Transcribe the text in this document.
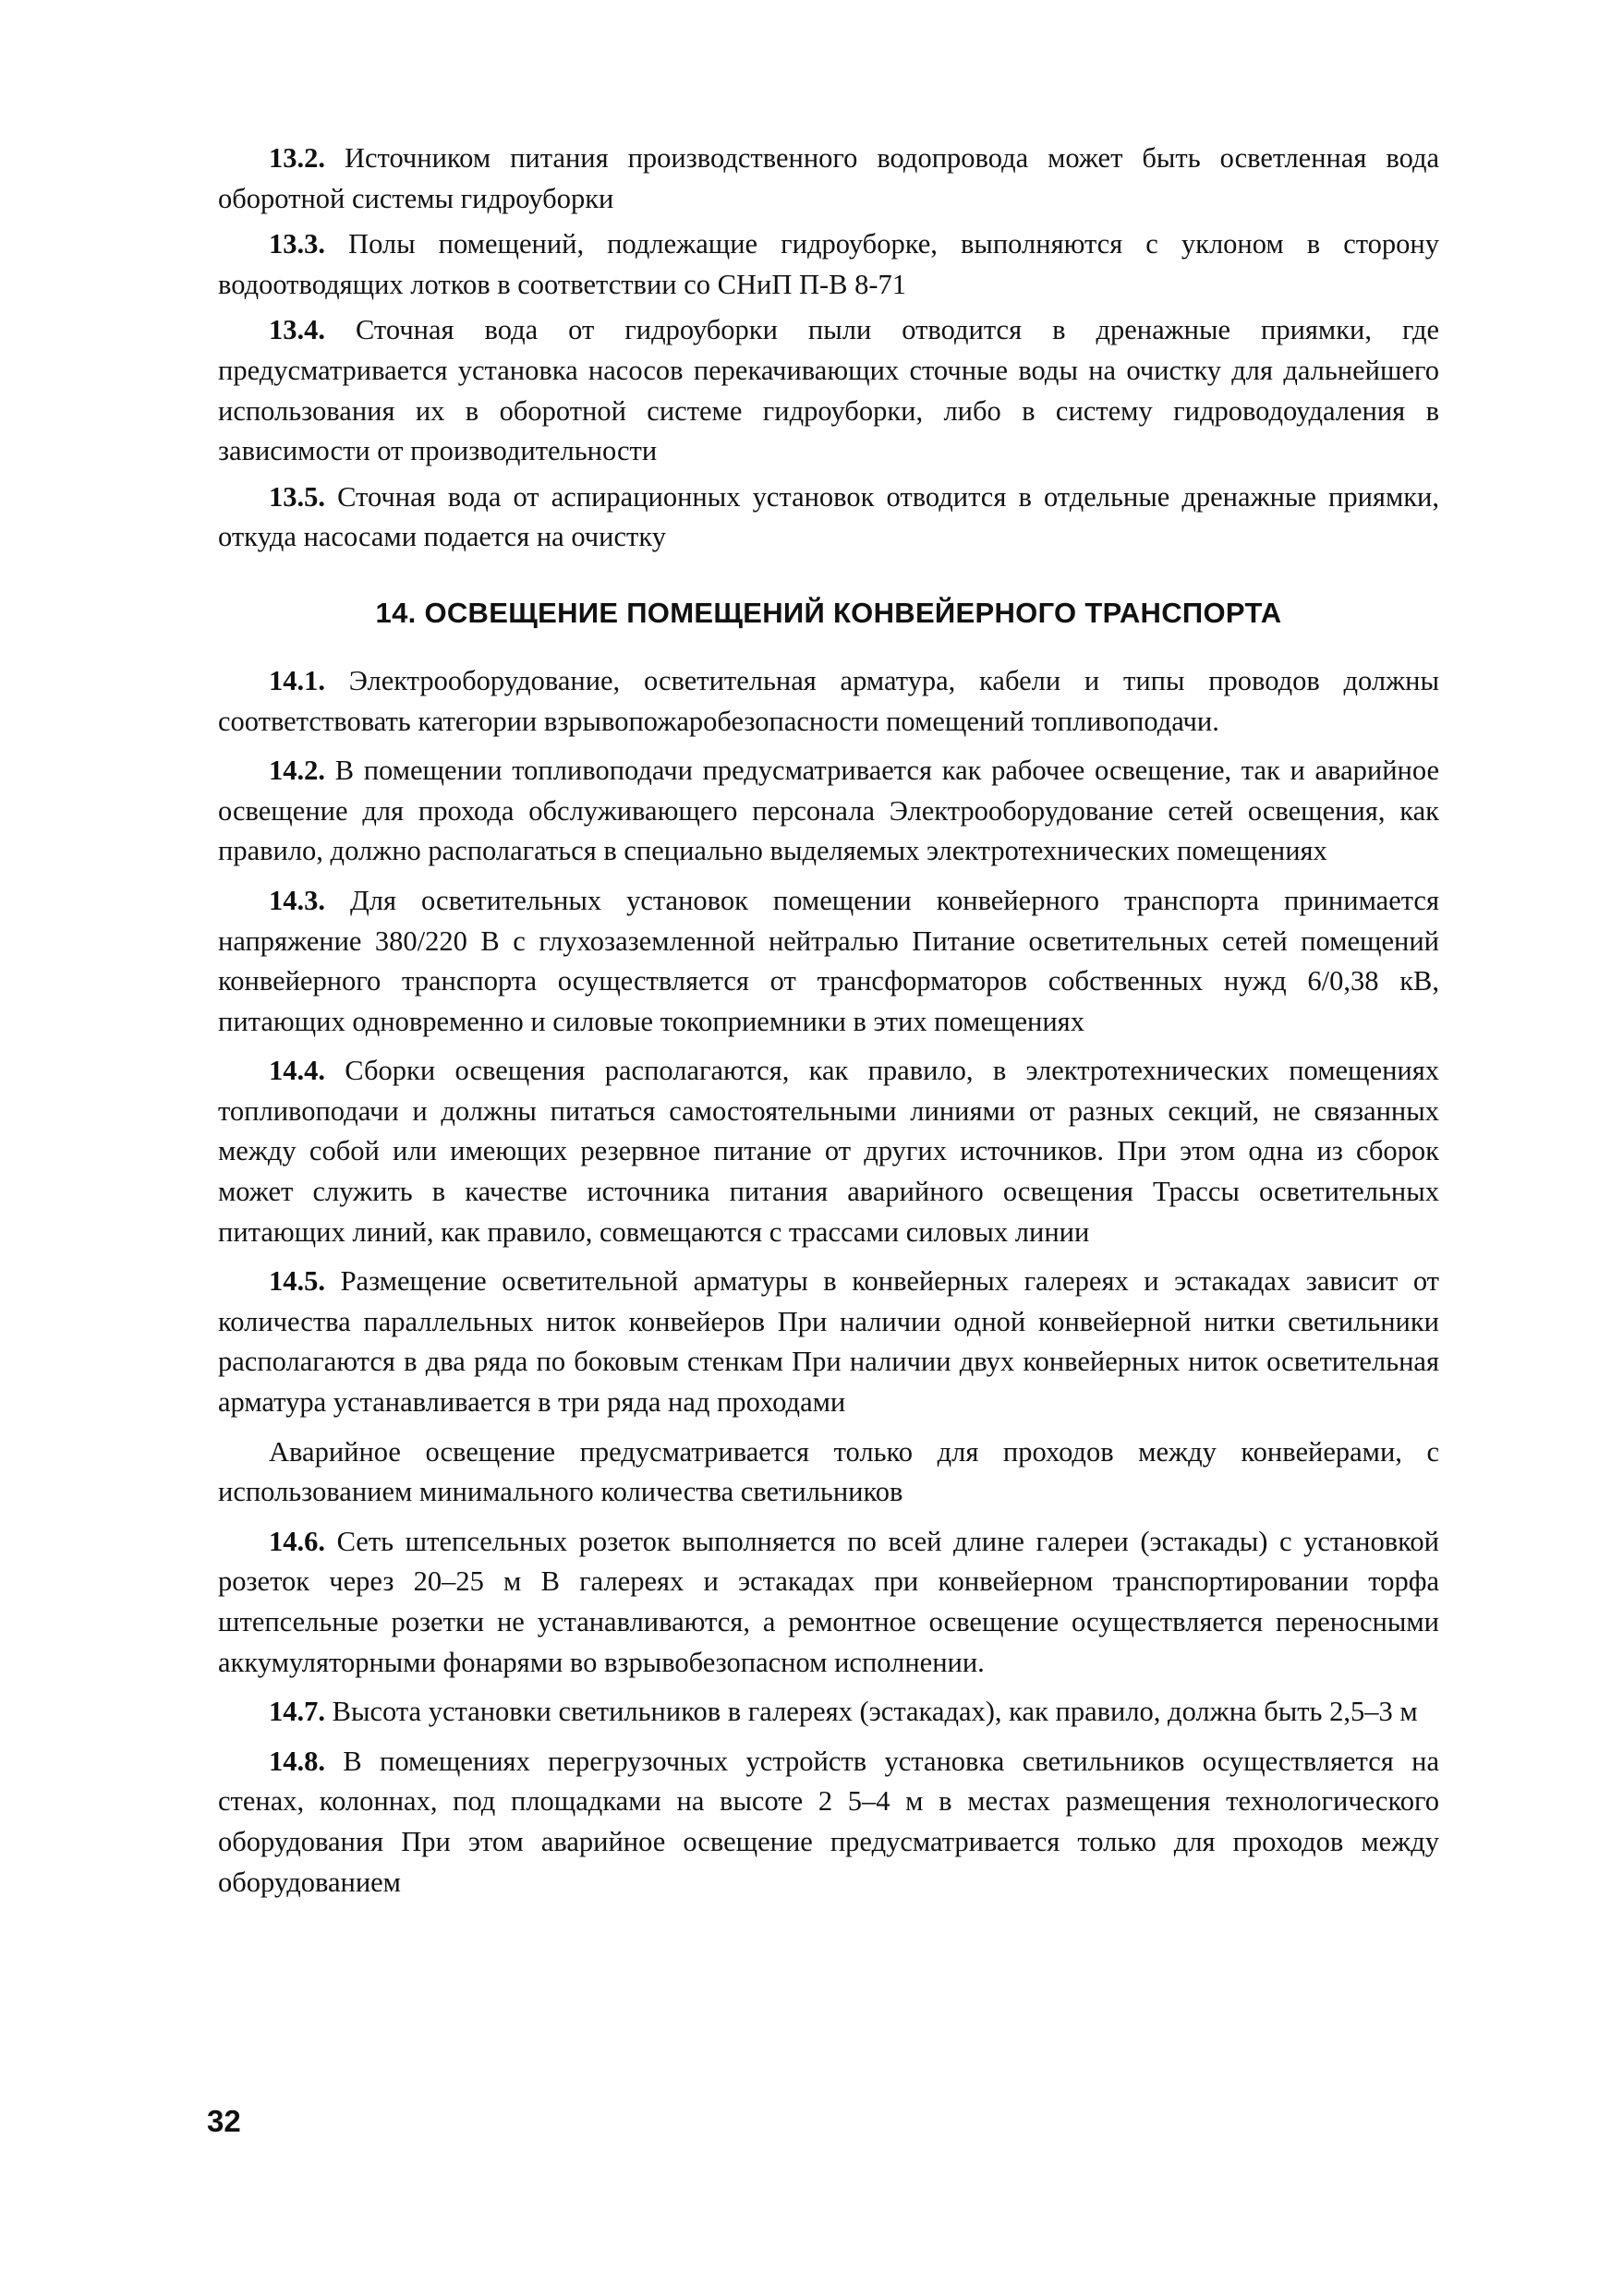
13.2. Источником питания производственного водопровода может быть осветленная вода оборотной системы гидроуборки

13.3. Полы помещений, подлежащие гидроуборке, выполняются с уклоном в сторону водоотводящих лотков в соответствии со СНиП П-В 8-71

13.4. Сточная вода от гидроуборки пыли отводится в дренажные приямки, где предусматривается установка насосов перекачивающих сточные воды на очистку для дальнейшего использования их в оборотной системе гидроуборки, либо в систему гидроводоудаления в зависимости от производительности

13.5. Сточная вода от аспирационных установок отводится в отдельные дренажные приямки, откуда насосами подается на очистку

14. ОСВЕЩЕНИЕ ПОМЕЩЕНИЙ КОНВЕЙЕРНОГО ТРАНСПОРТА

14.1. Электрооборудование, осветительная арматура, кабели и типы проводов должны соответствовать категории взрывопожаробезопасности помещений топливоподачи.

14.2. В помещении топливоподачи предусматривается как рабочее освещение, так и аварийное освещение для прохода обслуживающего персонала Электрооборудование сетей освещения, как правило, должно располагаться в специально выделяемых электротехнических помещениях

14.3. Для осветительных установок помещении конвейерного транспорта принимается напряжение 380/220 В с глухозаземленной нейтралью Питание осветительных сетей помещений конвейерного транспорта осуществляется от трансформаторов собственных нужд 6/0,38 кВ, питающих одновременно и силовые токоприемники в этих помещениях

14.4. Сборки освещения располагаются, как правило, в электротехнических помещениях топливоподачи и должны питаться самостоятельными линиями от разных секций, не связанных между собой или имеющих резервное питание от других источников. При этом одна из сборок может служить в качестве источника питания аварийного освещения Трассы осветительных питающих линий, как правило, совмещаются с трассами силовых линии

14.5. Размещение осветительной арматуры в конвейерных галереях и эстакадах зависит от количества параллельных ниток конвейеров При наличии одной конвейерной нитки светильники располагаются в два ряда по боковым стенкам При наличии двух конвейерных ниток осветительная арматура устанавливается в три ряда над проходами

Аварийное освещение предусматривается только для проходов между конвейерами, с использованием минимального количества светильников

14.6. Сеть штепсельных розеток выполняется по всей длине галереи (эстакады) с установкой розеток через 20–25 м В галереях и эстакадах при конвейерном транспортировании торфа штепсельные розетки не устанавливаются, а ремонтное освещение осуществляется переносными аккумуляторными фонарями во взрывобезопасном исполнении.

14.7. Высота установки светильников в галереях (эстакадах), как правило, должна быть 2,5–3 м

14.8. В помещениях перегрузочных устройств установка светильников осуществляется на стенах, колоннах, под площадками на высоте 2 5–4 м в местах размещения технологического оборудования При этом аварийное освещение предусматривается только для проходов между оборудованием

32
